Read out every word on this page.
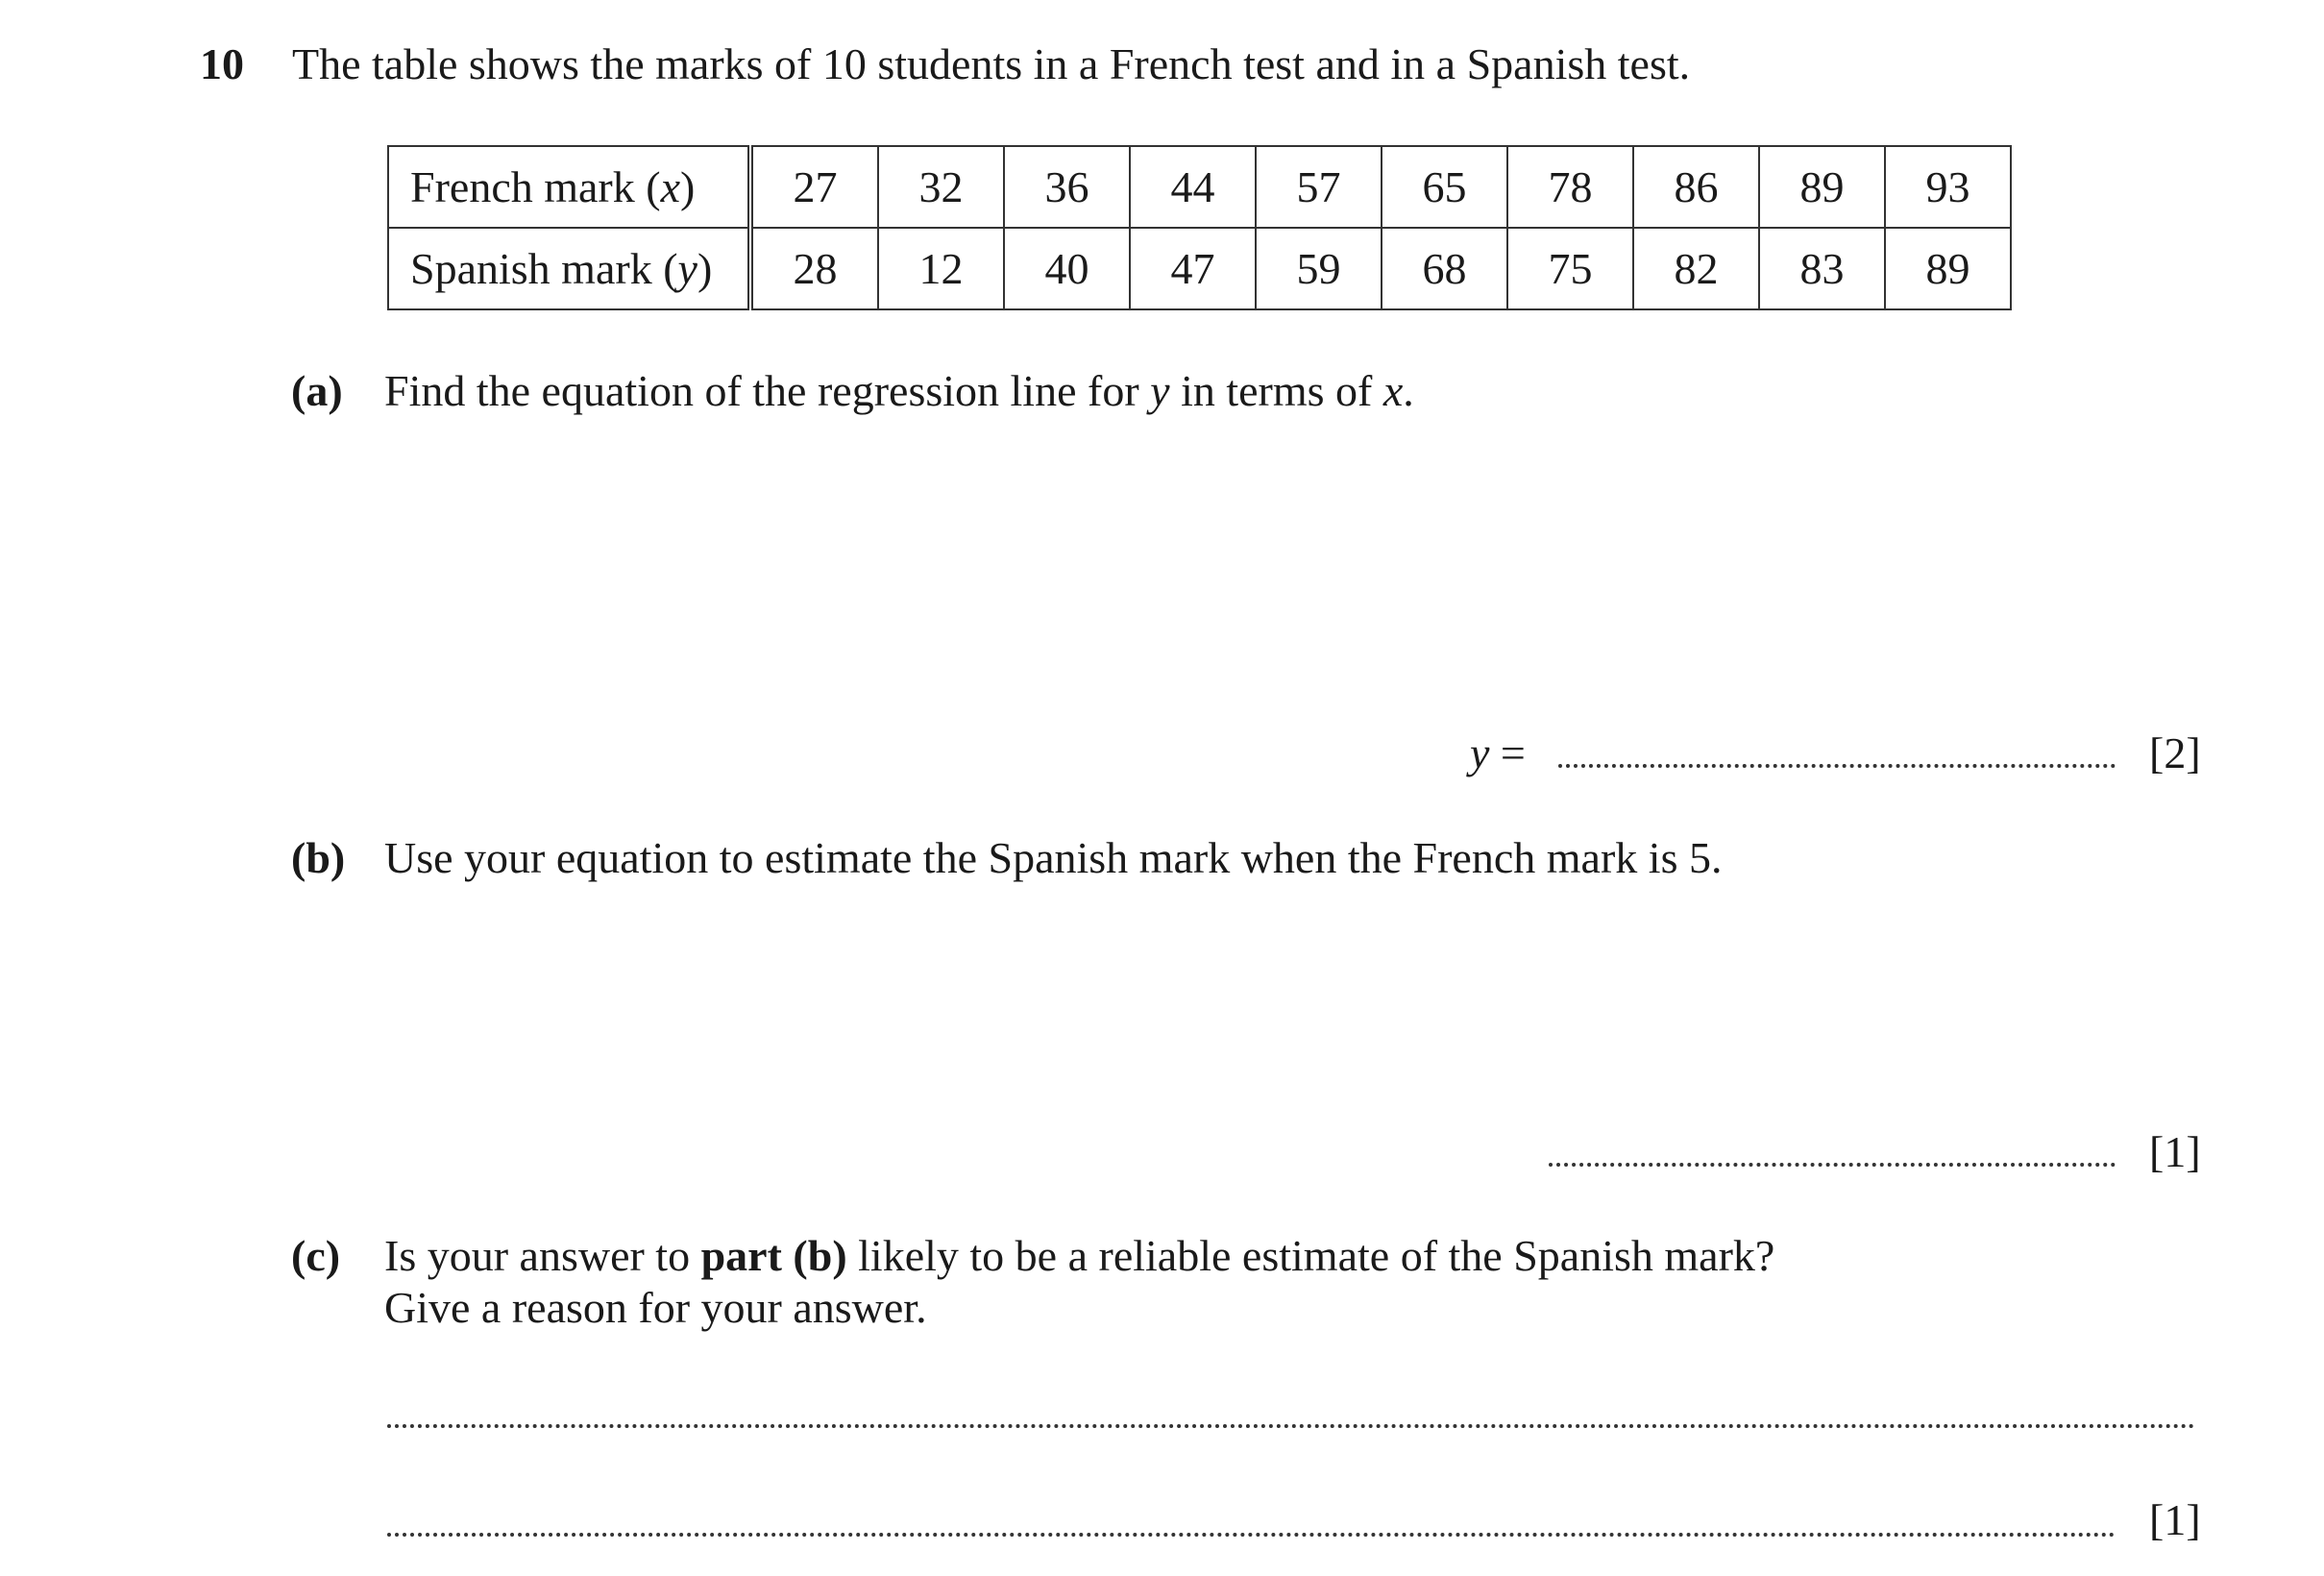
10 The table shows the marks of 10 students in a French test and in a Spanish test.
French mark (x)	27	32	36	44	57	65	78	86	89	93
Spanish mark (y)	28	12	40	47	59	68	75	82	83	89
(a) Find the equation of the regression line for y in terms of x.
y =	[2]
(b) Use your equation to estimate the Spanish mark when the French mark is 5.
[1]
(c) Is your answer to part (b) likely to be a reliable estimate of the Spanish mark?
Give a reason for your answer.
[1]
